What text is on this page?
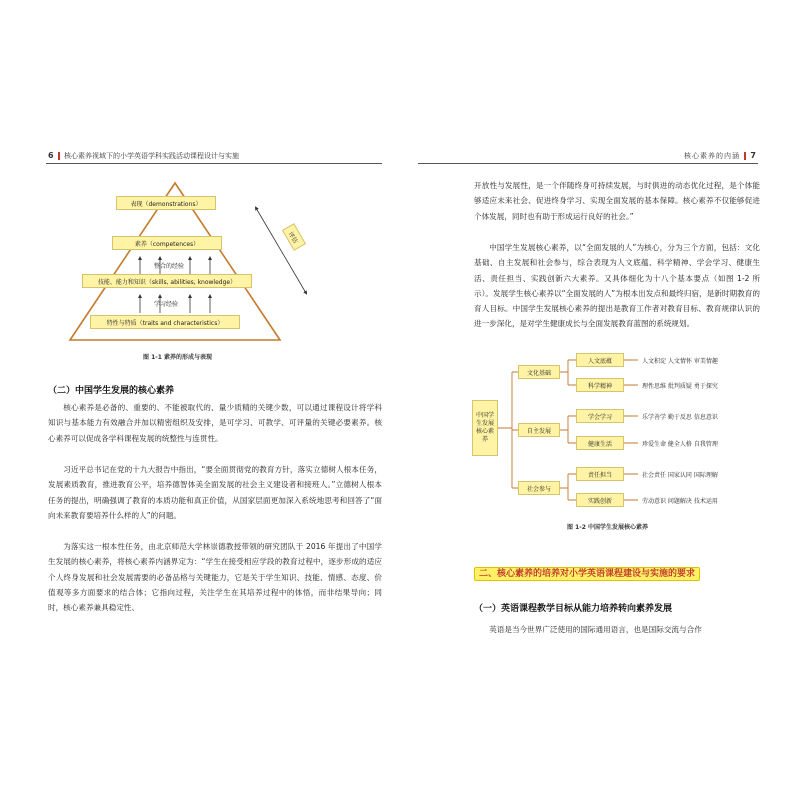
6 核心素养视域下的小学英语学科实践活动课程设计与实施	核心素养的内涵 7
表现（demonstrations）
素养（competences）
整合的经验
技能、能力和知识（skills, abilities, knowledge）
学习经验
特性与特质（traits and characteristics）
评估
图 1-1 素养的形成与表现
（二）中国学生发展的核心素养
核心素养是必备的、重要的、不能被取代的、量少质精的关键少数，可以通过课程设计将学科知识与基本能力有效融合并加以精密组织及安排，是可学习、可教学、可评量的关键必要素养。核心素养可以促成各学科课程发展的统整性与连贯性。
习近平总书记在党的十九大报告中指出，“要全面贯彻党的教育方针，落实立德树人根本任务，发展素质教育，推进教育公平，培养德智体美全面发展的社会主义建设者和接班人。”立德树人根本任务的提出，明确强调了教育的本质功能和真正价值，从国家层面更加深入系统地思考和回答了“面向未来教育要培养什么样的人”的问题。
为落实这一根本性任务，由北京师范大学林崇德教授带领的研究团队于 2016 年提出了中国学生发展的核心素养，将核心素养内涵界定为：“学生在接受相应学段的教育过程中，逐步形成的适应个人终身发展和社会发展需要的必备品格与关键能力，它是关于学生知识、技能、情感、态度、价值观等多方面要求的结合体；它指向过程，关注学生在其培养过程中的体悟，而非结果导向；同时，核心素养兼具稳定性、
开放性与发展性，是一个伴随终身可持续发展，与时俱进的动态优化过程，是个体能够适应未来社会、促进终身学习、实现全面发展的基本保障。核心素养不仅能够促进个体发展，同时也有助于形成运行良好的社会。”
中国学生发展核心素养，以“全面发展的人”为核心，分为三个方面，包括：文化基础、自主发展和社会参与，综合表现为人文底蕴、科学精神、学会学习、健康生活、责任担当、实践创新六大素养。又具体细化为十八个基本要点（如图 1-2 所示）。发展学生核心素养以“全面发展的人”为根本出发点和最终归宿，是新时期教育的育人目标。中国学生发展核心素养的提出是教育工作者对教育目标、教育规律认识的进一步深化，是对学生健康成长与全面发展教育蓝图的系统规划。
中国学生发展核心素养
文化基础
人文底蕴	人文积淀 人文情怀 审美情趣
科学精神	理性思维 批判质疑 勇于探究
自主发展
学会学习	乐学善学 勤于反思 信息意识
健康生活	珍爱生命 健全人格 自我管理
社会参与
责任担当	社会责任 国家认同 国际理解
实践创新	劳动意识 问题解决 技术运用
图 1-2 中国学生发展核心素养
二、核心素养的培养对小学英语课程建设与实施的要求
（一）英语课程教学目标从能力培养转向素养发展
英语是当今世界广泛使用的国际通用语言，也是国际交流与合作
